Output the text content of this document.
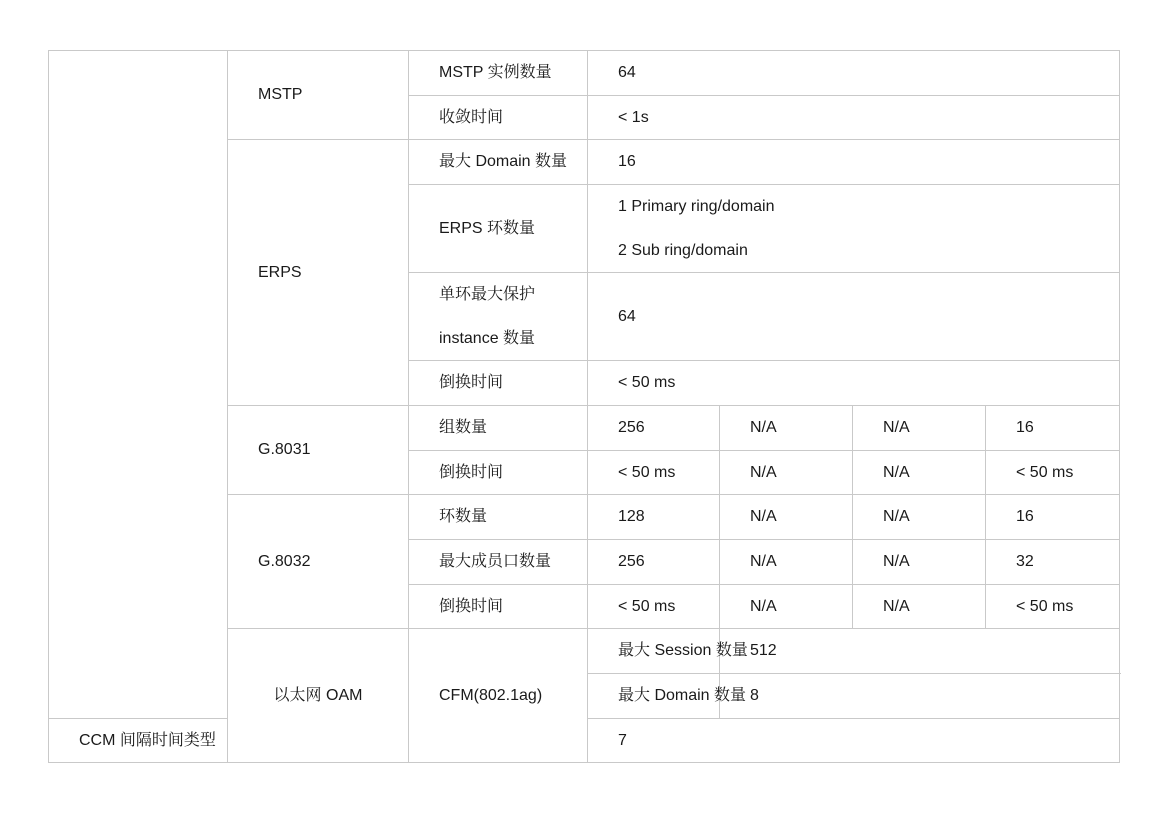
	MSTP	MSTP 实例数量	64			
		收敛时间	< 1s			
	ERPS	最大 Domain 数量	16			
		ERPS 环数量	1 Primary ring/domain
2 Sub ring/domain			

		单环最大保护
instance 数量	64			
		倒换时间	< 50 ms			
	G.8031	组数量	256	N/A	N/A	16
		倒换时间	< 50 ms	N/A	N/A	< 50 ms
	G.8032	环数量	128	N/A	N/A	16
		最大成员口数量	256	N/A	N/A	32
		倒换时间	< 50 ms	N/A	N/A	< 50 ms
	以太网 OAM	CFM(802.1ag)	最大 Session 数量	512		
			最大 Domain 数量	8		
CCM 间隔时间类型			7			
